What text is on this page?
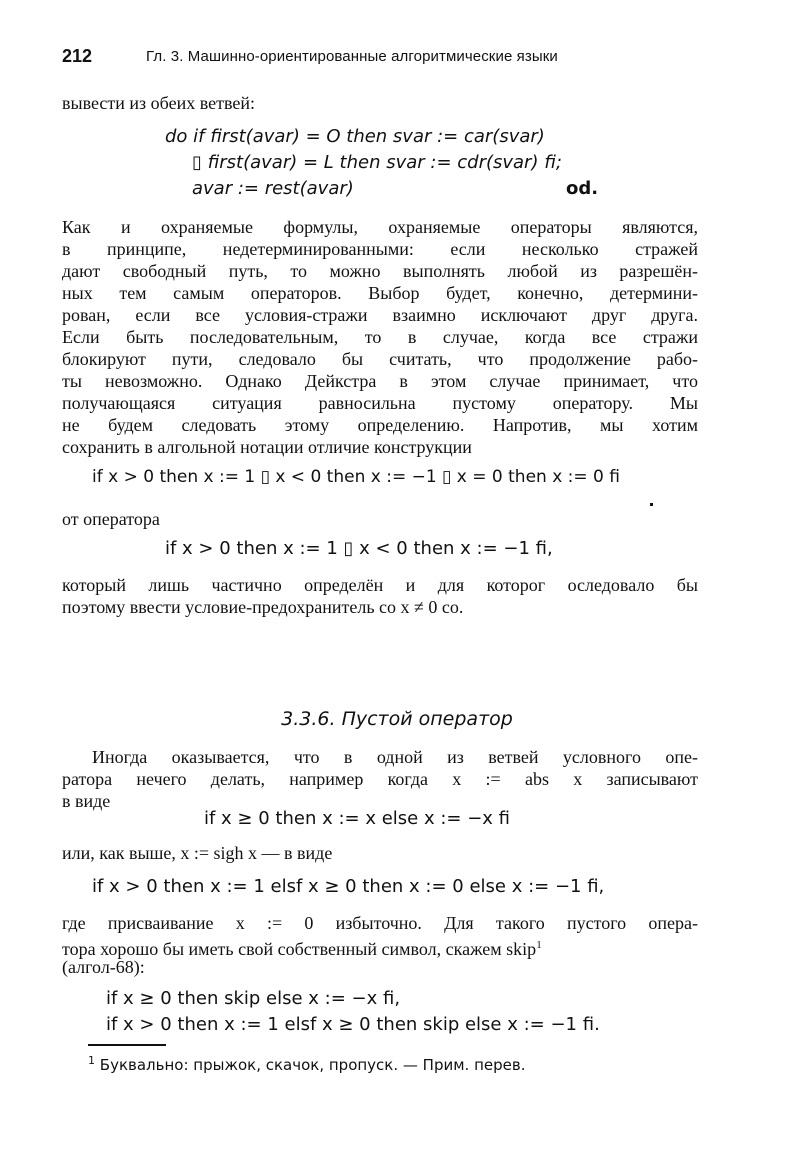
212	Гл. 3. Машинно-ориентированные алгоритмические языки
вывести из обеих ветвей:
do if first(avar) = O then svar := car(svar)
▯ first(avar) = L then svar := cdr(svar) fi;
avar := rest(avar)	od.
Как и охраняемые формулы, охраняемые операторы являются,
в принципе, недетерминированными: если несколько стражей
дают свободный путь, то можно выполнять любой из разрешён-
ных тем самым операторов. Выбор будет, конечно, детермини-
рован, если все условия-стражи взаимно исключают друг друга.
Если быть последовательным, то в случае, когда все стражи
блокируют пути, следовало бы считать, что продолжение рабо-
ты невозможно. Однако Дейкстра в этом случае принимает, что
получающаяся ситуация равносильна пустому оператору. Мы
не будем следовать этому определению. Напротив, мы хотим
сохранить в алгольной нотации отличие конструкции
if x > 0 then x := 1 ▯ x < 0 then x := −1 ▯ x = 0 then x := 0 fi
от оператора
if x > 0 then x := 1 ▯ x < 0 then x := −1 fi,
который лишь частично определён и для которог оследовало бы
поэтому ввести условие-предохранитель co x ≠ 0 co.
3.3.6. Пустой оператор
Иногда оказывается, что в одной из ветвей условного опе-
ратора нечего делать, например когда x := abs x записывают
в виде
if x ≥ 0 then x := x else x := −x fi
или, как выше, x := sigh x — в виде
if x > 0 then x := 1 elsf x ≥ 0 then x := 0 else x := −1 fi,
где присваивание x := 0 избыточно. Для такого пустого опера-
тора хорошо бы иметь свой собственный символ, скажем skip$^1$
(алгол-68):
if x ≥ 0 then skip else x := −x fi,
if x > 0 then x := 1 elsf x ≥ 0 then skip else x := −1 fi.
$^1$ Буквально: прыжок, скачок, пропуск. — Прим. перев.
